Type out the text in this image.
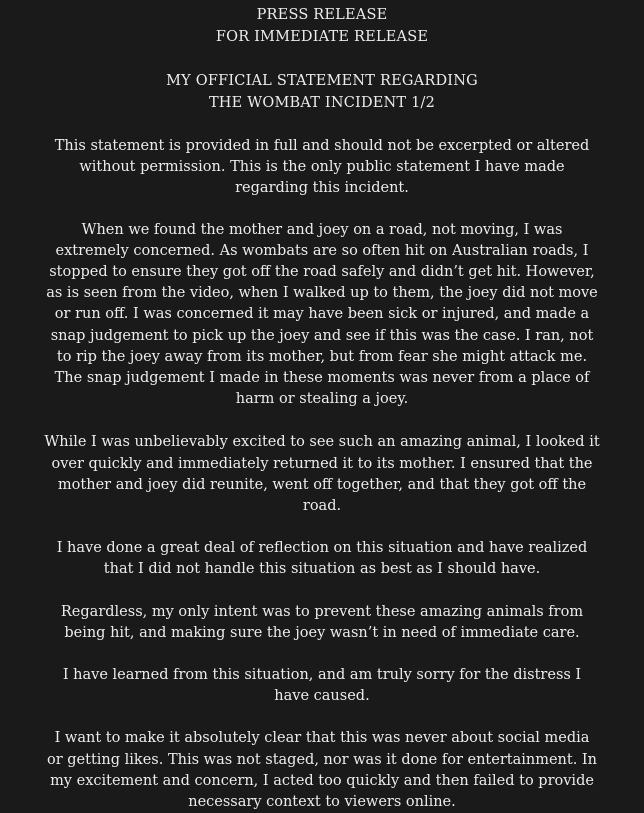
PRESS RELEASE
FOR IMMEDIATE RELEASE
MY OFFICIAL STATEMENT REGARDING
THE WOMBAT INCIDENT 1/2

This statement is provided in full and should not be excerpted or altered
without permission. This is the only public statement I have made
regarding this incident.

When we found the mother and joey on a road, not moving, I was
extremely concerned. As wombats are so often hit on Australian roads, I
stopped to ensure they got off the road safely and didn’t get hit. However,
as is seen from the video, when I walked up to them, the joey did not move
or run off. I was concerned it may have been sick or injured, and made a
snap judgement to pick up the joey and see if this was the case. I ran, not
to rip the joey away from its mother, but from fear she might attack me.
The snap judgement I made in these moments was never from a place of
harm or stealing a joey.

While I was unbelievably excited to see such an amazing animal, I looked it
over quickly and immediately returned it to its mother. I ensured that the
mother and joey did reunite, went off together, and that they got off the
road.

I have done a great deal of reflection on this situation and have realized
that I did not handle this situation as best as I should have.

Regardless, my only intent was to prevent these amazing animals from
being hit, and making sure the joey wasn’t in need of immediate care.

I have learned from this situation, and am truly sorry for the distress I
have caused.

I want to make it absolutely clear that this was never about social media
or getting likes. This was not staged, nor was it done for entertainment. In
my excitement and concern, I acted too quickly and then failed to provide
necessary context to viewers online.
